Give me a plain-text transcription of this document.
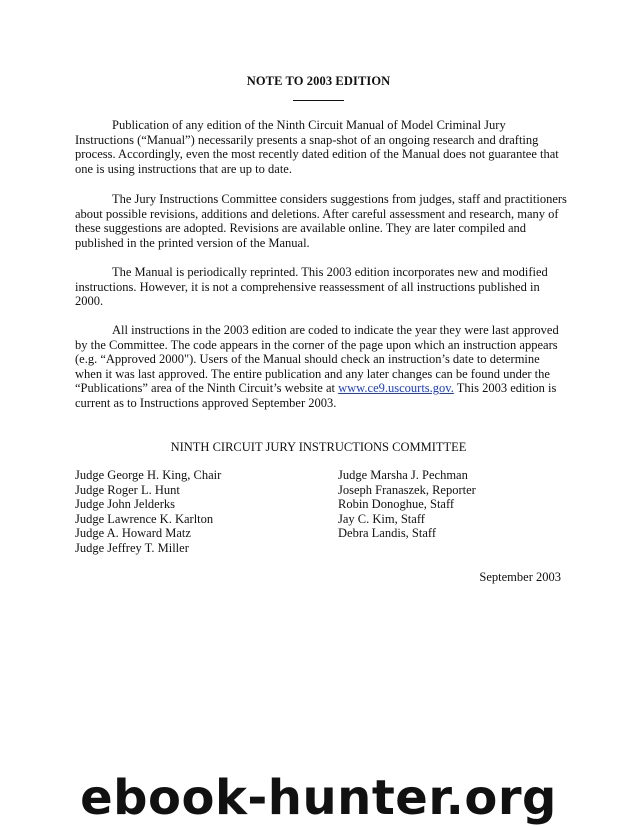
NOTE TO 2003 EDITION

Publication of any edition of the Ninth Circuit Manual of Model Criminal Jury Instructions (“Manual”) necessarily presents a snap-shot of an ongoing research and drafting process. Accordingly, even the most recently dated edition of the Manual does not guarantee that one is using instructions that are up to date.

The Jury Instructions Committee considers suggestions from judges, staff and practitioners about possible revisions, additions and deletions. After careful assessment and research, many of these suggestions are adopted. Revisions are available online. They are later compiled and published in the printed version of the Manual.

The Manual is periodically reprinted. This 2003 edition incorporates new and modified instructions. However, it is not a comprehensive reassessment of all instructions published in 2000.

All instructions in the 2003 edition are coded to indicate the year they were last approved by the Committee. The code appears in the corner of the page upon which an instruction appears (e.g. “Approved 2000"). Users of the Manual should check an instruction’s date to determine when it was last approved. The entire publication and any later changes can be found under the “Publications” area of the Ninth Circuit’s website at www.ce9.uscourts.gov. This 2003 edition is current as to Instructions approved September 2003.

NINTH CIRCUIT JURY INSTRUCTIONS COMMITTEE
Judge George H. King, Chair
Judge Roger L. Hunt
Judge John Jelderks
Judge Lawrence K. Karlton
Judge A. Howard Matz
Judge Jeffrey T. Miller
Judge Marsha J. Pechman
Joseph Franaszek, Reporter
Robin Donoghue, Staff
Jay C. Kim, Staff
Debra Landis, Staff
September 2003
ebook-hunter.org
